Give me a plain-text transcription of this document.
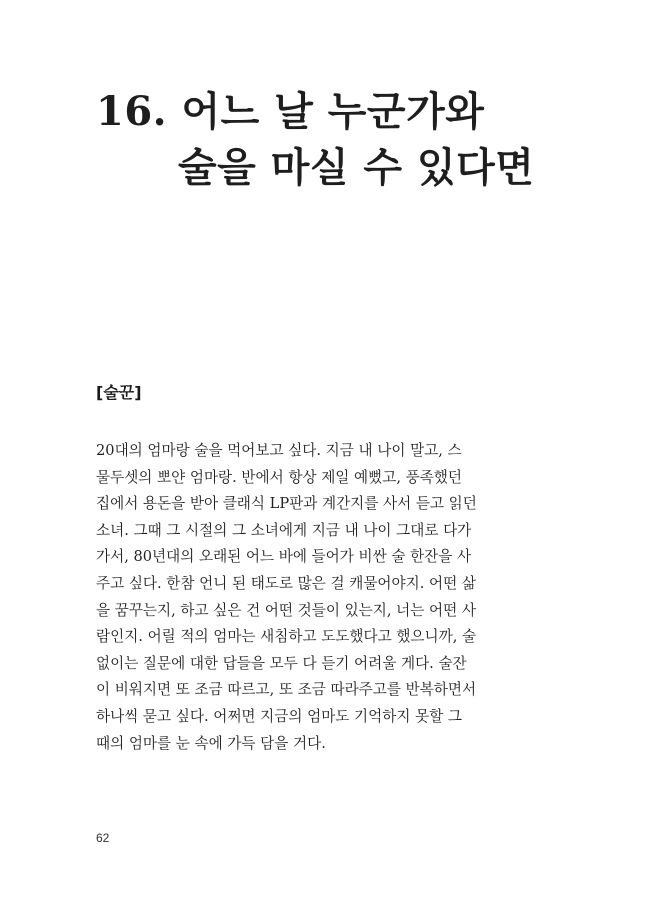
16. 어느 날 누군가와
술을 마실 수 있다면

[술꾼]

20대의 엄마랑 술을 먹어보고 싶다. 지금 내 나이 말고, 스
물두셋의 뽀얀 엄마랑. 반에서 항상 제일 예뻤고, 풍족했던
집에서 용돈을 받아 클래식 LP판과 계간지를 사서 듣고 읽던
소녀. 그때 그 시절의 그 소녀에게 지금 내 나이 그대로 다가
가서, 80년대의 오래된 어느 바에 들어가 비싼 술 한잔을 사
주고 싶다. 한참 언니 된 태도로 많은 걸 캐물어야지. 어떤 삶
을 꿈꾸는지, 하고 싶은 건 어떤 것들이 있는지, 너는 어떤 사
람인지. 어릴 적의 엄마는 새침하고 도도했다고 했으니까, 술
없이는 질문에 대한 답들을 모두 다 듣기 어려울 게다. 술잔
이 비워지면 또 조금 따르고, 또 조금 따라주고를 반복하면서
하나씩 묻고 싶다. 어쩌면 지금의 엄마도 기억하지 못할 그
때의 엄마를 눈 속에 가득 담을 거다.

62
